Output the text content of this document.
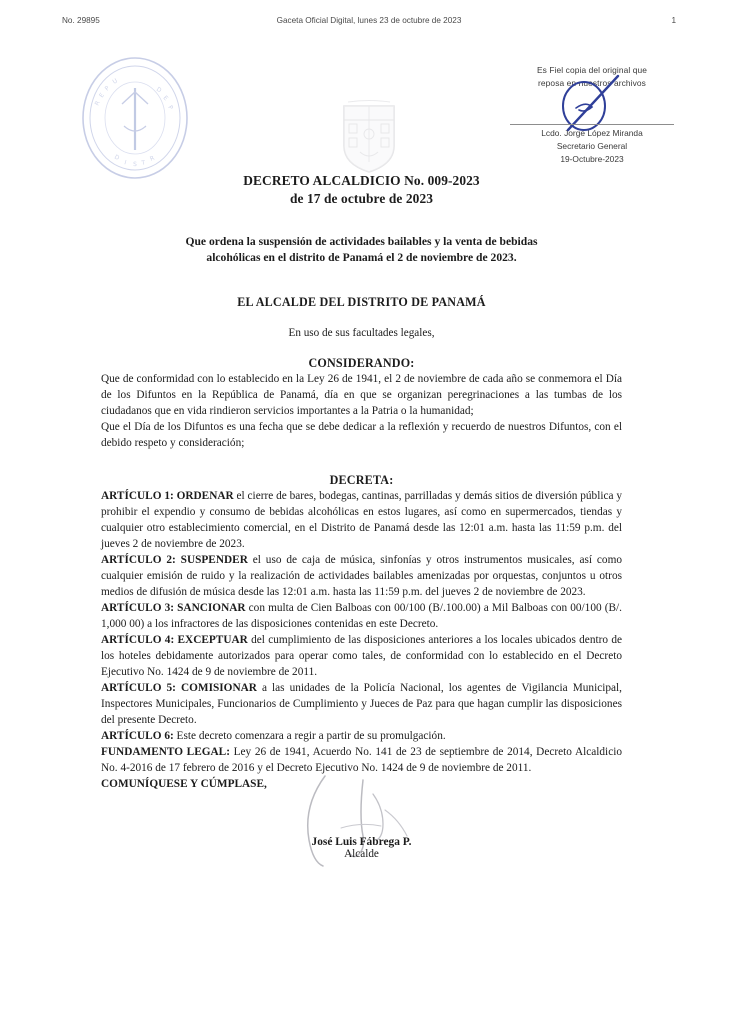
No. 29895	Gaceta Oficial Digital, lunes 23 de octubre de 2023	1
R
E
P
U
D
E
P
D
I S T
R
Es Fiel copia del original que
reposa en nuestros archivos
Lcdo. Jorge López Miranda
Secretario General
19-Octubre-2023
DECRETO ALCALDICIO No. 009-2023
de 17 de octubre de 2023
Que ordena la suspensión de actividades bailables y la venta de bebidas
alcohólicas en el distrito de Panamá el 2 de noviembre de 2023.
EL ALCALDE DEL DISTRITO DE PANAMÁ
En uso de sus facultades legales,
CONSIDERANDO:

Que de conformidad con lo establecido en la Ley 26 de 1941, el 2 de noviembre de cada año se conmemora el Día de los Difuntos en la República de Panamá, día en que se organizan peregrinaciones a las tumbas de los ciudadanos que en vida rindieron servicios importantes a la Patria o la humanidad;

Que el Día de los Difuntos es una fecha que se debe dedicar a la reflexión y recuerdo de nuestros Difuntos, con el debido respeto y consideración;

DECRETA:

ARTÍCULO 1: ORDENAR el cierre de bares, bodegas, cantinas, parrilladas y demás sitios de diversión pública y prohibir el expendio y consumo de bebidas alcohólicas en estos lugares, así como en supermercados, tiendas y cualquier otro establecimiento comercial, en el Distrito de Panamá desde las 12:01 a.m. hasta las 11:59 p.m. del jueves 2 de noviembre de 2023.

ARTÍCULO 2: SUSPENDER el uso de caja de música, sinfonías y otros instrumentos musicales, así como cualquier emisión de ruido y la realización de actividades bailables amenizadas por orquestas, conjuntos u otros medios de difusión de música desde las 12:01 a.m. hasta las 11:59 p.m. del jueves 2 de noviembre de 2023.

ARTÍCULO 3: SANCIONAR con multa de Cien Balboas con 00/100 (B/.100.00) a Mil Balboas con 00/100 (B/. 1,000 00) a los infractores de las disposiciones contenidas en este Decreto.

ARTÍCULO 4: EXCEPTUAR del cumplimiento de las disposiciones anteriores a los locales ubicados dentro de los hoteles debidamente autorizados para operar como tales, de conformidad con lo establecido en el Decreto Ejecutivo No. 1424 de 9 de noviembre de 2011.

ARTÍCULO 5: COMISIONAR a las unidades de la Policía Nacional, los agentes de Vigilancia Municipal, Inspectores Municipales, Funcionarios de Cumplimiento y Jueces de Paz para que hagan cumplir las disposiciones del presente Decreto.

ARTÍCULO 6: Este decreto comenzara a regir a partir de su promulgación.

FUNDAMENTO LEGAL: Ley 26 de 1941, Acuerdo No. 141 de 23 de septiembre de 2014, Decreto Alcaldicio No. 4-2016 de 17 febrero de 2016 y el Decreto Ejecutivo No. 1424 de 9 de noviembre de 2011.

COMUNÍQUESE Y CÚMPLASE,

José Luis Fábrega P.
Alcalde
